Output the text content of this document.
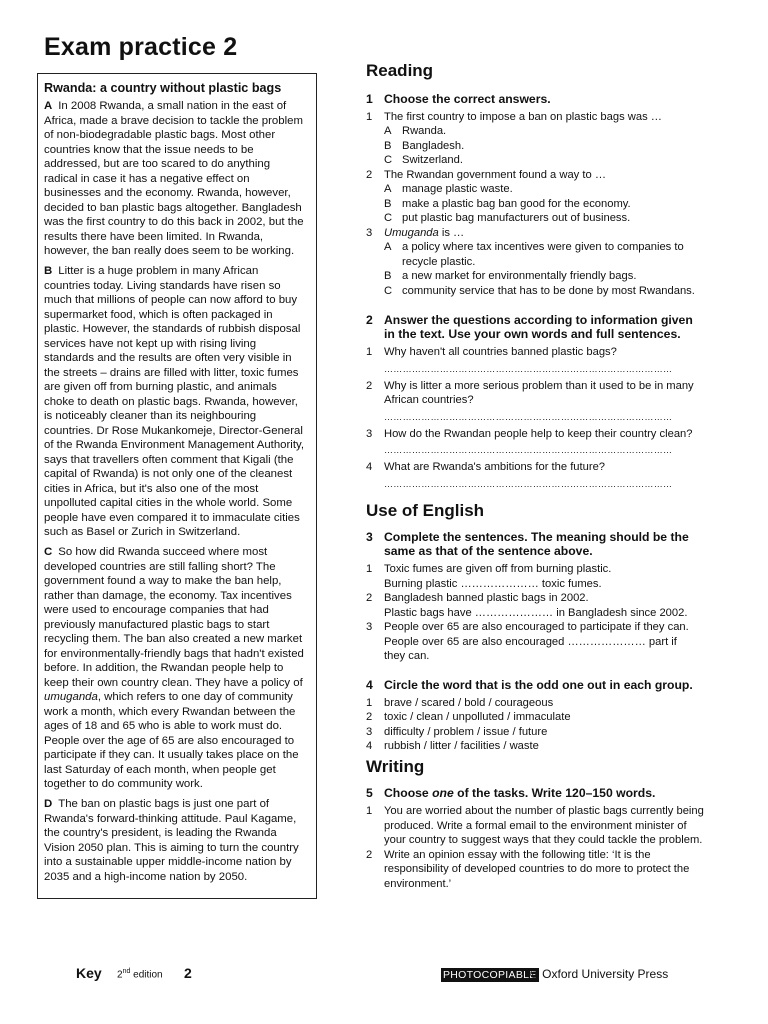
Exam practice 2
Rwanda: a country without plastic bags

A In 2008 Rwanda, a small nation in the east of
Africa, made a brave decision to tackle the problem
of non-biodegradable plastic bags. Most other
countries know that the issue needs to be
addressed, but are too scared to do anything
radical in case it has a negative effect on
businesses and the economy. Rwanda, however,
decided to ban plastic bags altogether. Bangladesh
was the first country to do this back in 2002, but the
results there have been limited. In Rwanda,
however, the ban really does seem to be working.

B Litter is a huge problem in many African
countries today. Living standards have risen so
much that millions of people can now afford to buy
supermarket food, which is often packaged in
plastic. However, the standards of rubbish disposal
services have not kept up with rising living
standards and the results are often very visible in
the streets – drains are filled with litter, toxic fumes
are given off from burning plastic, and animals
choke to death on plastic bags. Rwanda, however,
is noticeably cleaner than its neighbouring
countries. Dr Rose Mukankomeje, Director-General
of the Rwanda Environment Management Authority,
says that travellers often comment that Kigali (the
capital of Rwanda) is not only one of the cleanest
cities in Africa, but it's also one of the most
unpolluted capital cities in the whole world. Some
people have even compared it to immaculate cities
such as Basel or Zurich in Switzerland.

C So how did Rwanda succeed where most
developed countries are still falling short? The
government found a way to make the ban help,
rather than damage, the economy. Tax incentives
were used to encourage companies that had
previously manufactured plastic bags to start
recycling them. The ban also created a new market
for environmentally-friendly bags that hadn't existed
before. In addition, the Rwandan people help to
keep their own country clean. They have a policy of
umuganda, which refers to one day of community
work a month, which every Rwandan between the
ages of 18 and 65 who is able to work must do.
People over the age of 65 are also encouraged to
participate if they can. It usually takes place on the
last Saturday of each month, when people get
together to do community work.

D The ban on plastic bags is just one part of
Rwanda's forward-thinking attitude. Paul Kagame,
the country's president, is leading the Rwanda
Vision 2050 plan. This is aiming to turn the country
into a sustainable upper middle-income nation by
2035 and a high-income nation by 2050.

Reading
1 Choose the correct answers.
1	The first country to impose a ban on plastic bags was …
A Rwanda.
B Bangladesh.
C Switzerland.
2	The Rwandan government found a way to …
A manage plastic waste.
B make a plastic bag ban good for the economy.
C put plastic bag manufacturers out of business.
3	Umuganda is …
A a policy where tax incentives were given to companies to
recycle plastic.
B a new market for environmentally friendly bags.
C community service that has to be done by most Rwandans.
2 Answer the questions according to information given
in the text. Use your own words and full sentences.
1	Why haven't all countries banned plastic bags?
…………………………………………………………………………………
2	Why is litter a more serious problem than it used to be in many
African countries?
…………………………………………………………………………………
3	How do the Rwandan people help to keep their country clean?
…………………………………………………………………………………
4	What are Rwanda's ambitions for the future?
…………………………………………………………………………………
Use of English
3 Complete the sentences. The meaning should be the
same as that of the sentence above.
1	Toxic fumes are given off from burning plastic.
Burning plastic ………………… toxic fumes.
2	Bangladesh banned plastic bags in 2002.
Plastic bags have ………………… in Bangladesh since 2002.
3	People over 65 are also encouraged to participate if they can.
People over 65 are also encouraged ………………… part if
they can.
4 Circle the word that is the odd one out in each group.
1	brave / scared / bold / courageous
2	toxic / clean / unpolluted / immaculate
3	difficulty / problem / issue / future
4	rubbish / litter / facilities / waste
Writing
5 Choose one of the tasks. Write 120–150 words.
1	You are worried about the number of plastic bags currently being
produced. Write a formal email to the environment minister of
your country to suggest ways that they could tackle the problem.
2	Write an opinion essay with the following title: ‘It is the
responsibility of developed countries to do more to protect the
environment.’
Key 2nd edition 2	PHOTOCOPIABLE
© Oxford University Press
